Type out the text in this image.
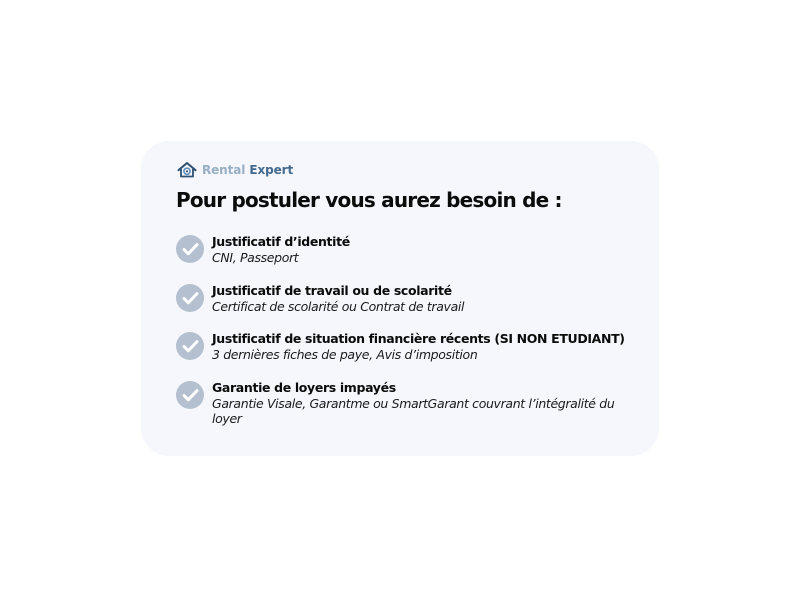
Rental Expert
Pour postuler vous aurez besoin de :
Justificatif d’identité
CNI, Passeport
Justificatif de travail ou de scolarité
Certificat de scolarité ou Contrat de travail
Justificatif de situation financière récents (SI NON ETUDIANT)
3 dernières fiches de paye, Avis d’imposition
Garantie de loyers impayés
Garantie Visale, Garantme ou SmartGarant couvrant l’intégralité du loyer
